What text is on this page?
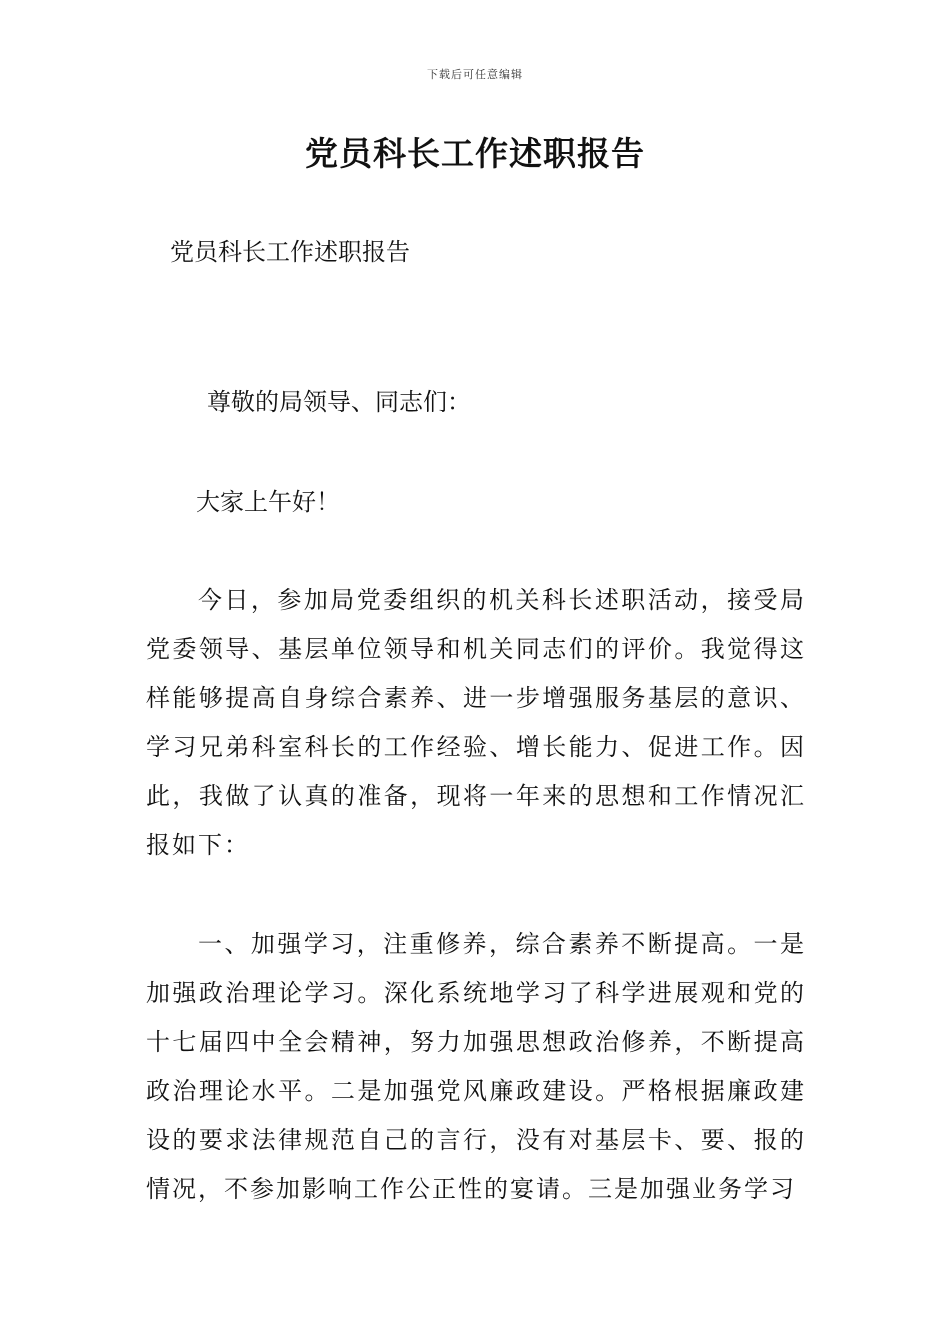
下载后可任意编辑
党员科长工作述职报告

党员科长工作述职报告

尊敬的局领导、同志们：

大家上午好！

今日，参加局党委组织的机关科长述职活动，接受局党委领导、基层单位领导和机关同志们的评价。我觉得这样能够提高自身综合素养、进一步增强服务基层的意识、学习兄弟科室科长的工作经验、增长能力、促进工作。因此，我做了认真的准备，现将一年来的思想和工作情况汇报如下：

一、加强学习，注重修养，综合素养不断提高。一是加强政治理论学习。深化系统地学习了科学进展观和党的十七届四中全会精神，努力加强思想政治修养，不断提高政治理论水平。二是加强党风廉政建设。严格根据廉政建设的要求法律规范自己的言行，没有对基层卡、要、报的情况，不参加影响工作公正性的宴请。三是加强业务学习
